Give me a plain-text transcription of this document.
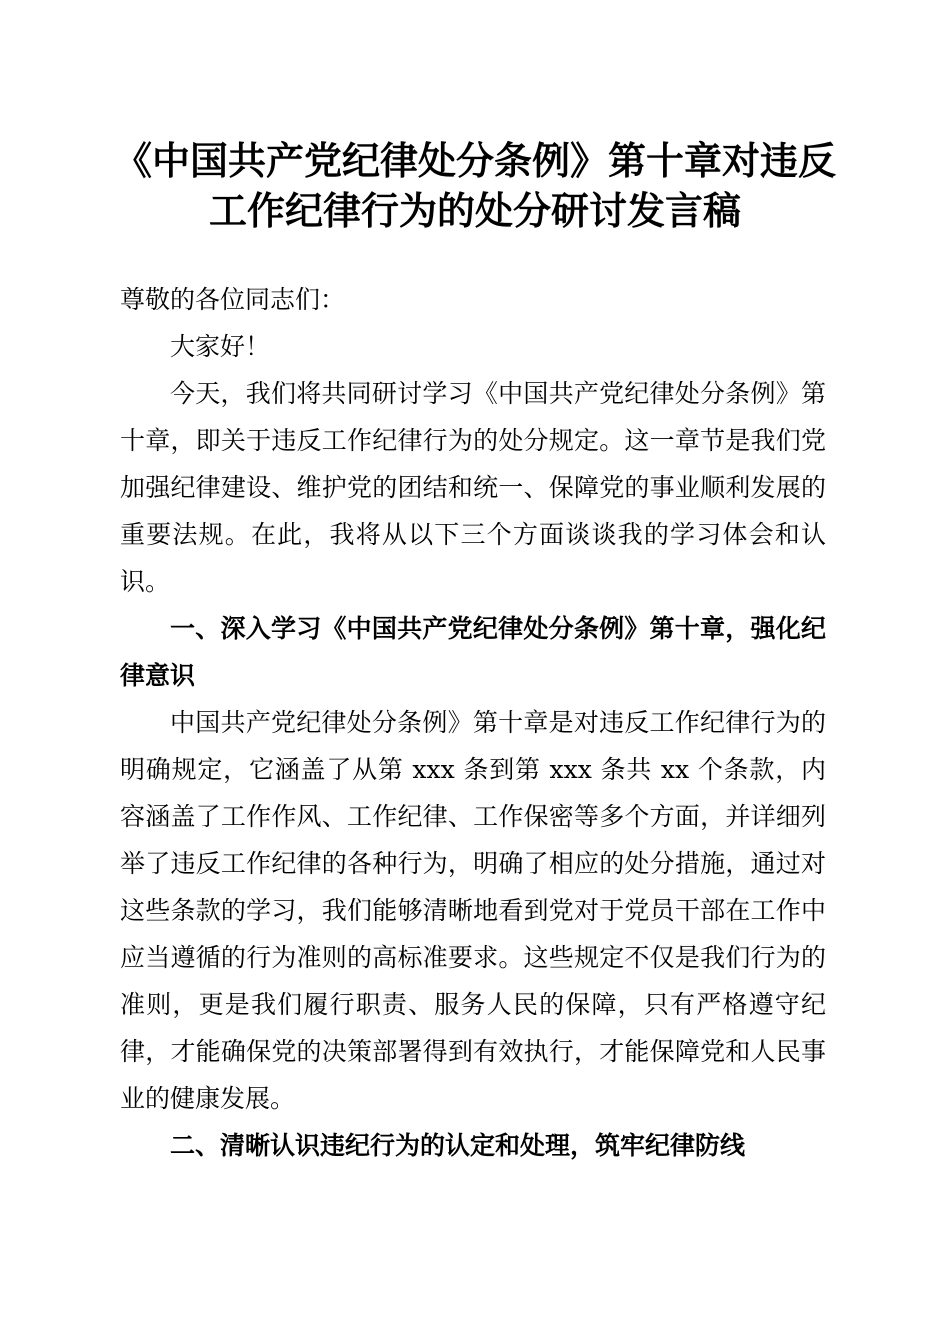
《中国共产党纪律处分条例》第十章对违反工作纪律行为的处分研讨发言稿

尊敬的各位同志们：

大家好！

今天，我们将共同研讨学习《中国共产党纪律处分条例》第十章，即关于违反工作纪律行为的处分规定。这一章节是我们党加强纪律建设、维护党的团结和统一、保障党的事业顺利发展的重要法规。在此，我将从以下三个方面谈谈我的学习体会和认识。

一、深入学习《中国共产党纪律处分条例》第十章，强化纪律意识

中国共产党纪律处分条例》第十章是对违反工作纪律行为的明确规定，它涵盖了从第 xxx 条到第 xxx 条共 xx 个条款，内容涵盖了工作作风、工作纪律、工作保密等多个方面，并详细列举了违反工作纪律的各种行为，明确了相应的处分措施，通过对这些条款的学习，我们能够清晰地看到党对于党员干部在工作中应当遵循的行为准则的高标准要求。这些规定不仅是我们行为的准则，更是我们履行职责、服务人民的保障，只有严格遵守纪律，才能确保党的决策部署得到有效执行，才能保障党和人民事业的健康发展。

二、清晰认识违纪行为的认定和处理，筑牢纪律防线
